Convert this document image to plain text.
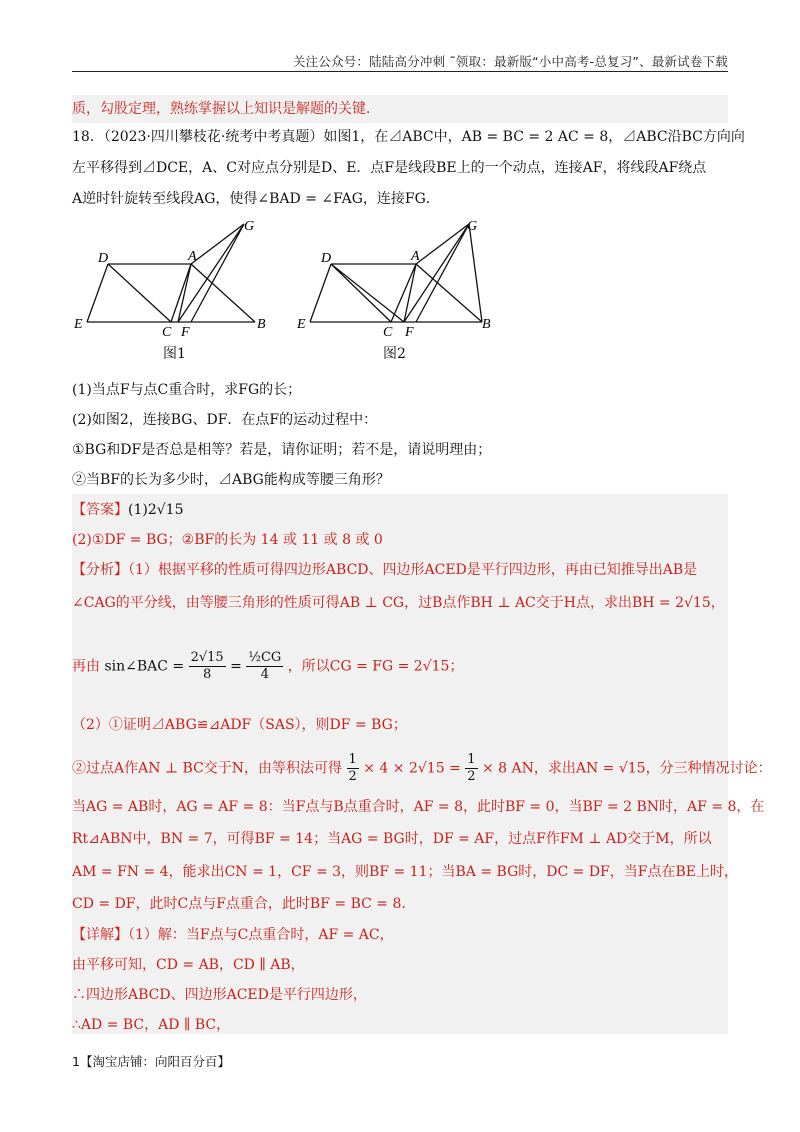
关注公众号：陆陆高分冲刺 ˜领取：最新版“小中高考-总复习”、最新试卷下载
质，勾股定理，熟练掌握以上知识是解题的关键．
18．（2023·四川攀枝花·统考中考真题）如图1，在⊿ABC中，AB = BC = 2 AC = 8，⊿ABC沿BC方向向
左平移得到⊿DCE，A、C对应点分别是D、E．点F是线段BE上的一个动点，连接AF，将线段AF绕点
A逆时针旋转至线段AG，使得∠BAD = ∠FAG，连接FG．
D	A
G
E
C F
B
图1
D	A
G
E
C F
B
图2
(1)当点F与点C重合时，求FG的长；
(2)如图2，连接BG、DF．在点F的运动过程中：
①BG和DF是否总是相等？若是，请你证明；若不是，请说明理由；
②当BF的长为多少时，⊿ABG能构成等腰三角形？
【答案】(1)2√15
(2)①DF = BG；②BF的长为 14 或 11 或 8 或 0
【分析】（1）根据平移的性质可得四边形ABCD、四边形ACED是平行四边形，再由已知推导出AB是
∠CAG的平分线，由等腰三角形的性质可得AB ⊥ CG，过B点作BH ⊥ AC交于H点，求出BH = 2√15，
再由 sin∠BAC = $\frac{2√15}{8} = \frac{\text{½CG}}{4}$ ，所以CG = FG = 2√15；
（2）①证明⊿ABG≌⊿ADF（SAS），则DF = BG；
②过点A作AN ⊥ BC交于N，由等积法可得 $\frac{1}{2} \times 4 \times 2√15 = \frac{1}{2} \times 8$ AN，求出AN = √15，分三种情况讨论：
当AG = AB时，AG = AF = 8：当F点与B点重合时，AF = 8，此时BF = 0，当BF = 2 BN时，AF = 8，在
Rt⊿ABN中，BN = 7，可得BF = 14；当AG = BG时，DF = AF，过点F作FM ⊥ AD交于M，所以
AM = FN = 4，能求出CN = 1，CF = 3，则BF = 11；当BA = BG时，DC = DF，当F点在BE上时，
CD = DF，此时C点与F点重合，此时BF = BC = 8．
【详解】（1）解：当F点与C点重合时，AF = AC，
由平移可知，CD = AB，CD ∥ AB，
∴四边形ABCD、四边形ACED是平行四边形，
∴AD = BC，AD ∥ BC，
1【淘宝店铺：向阳百分百】
